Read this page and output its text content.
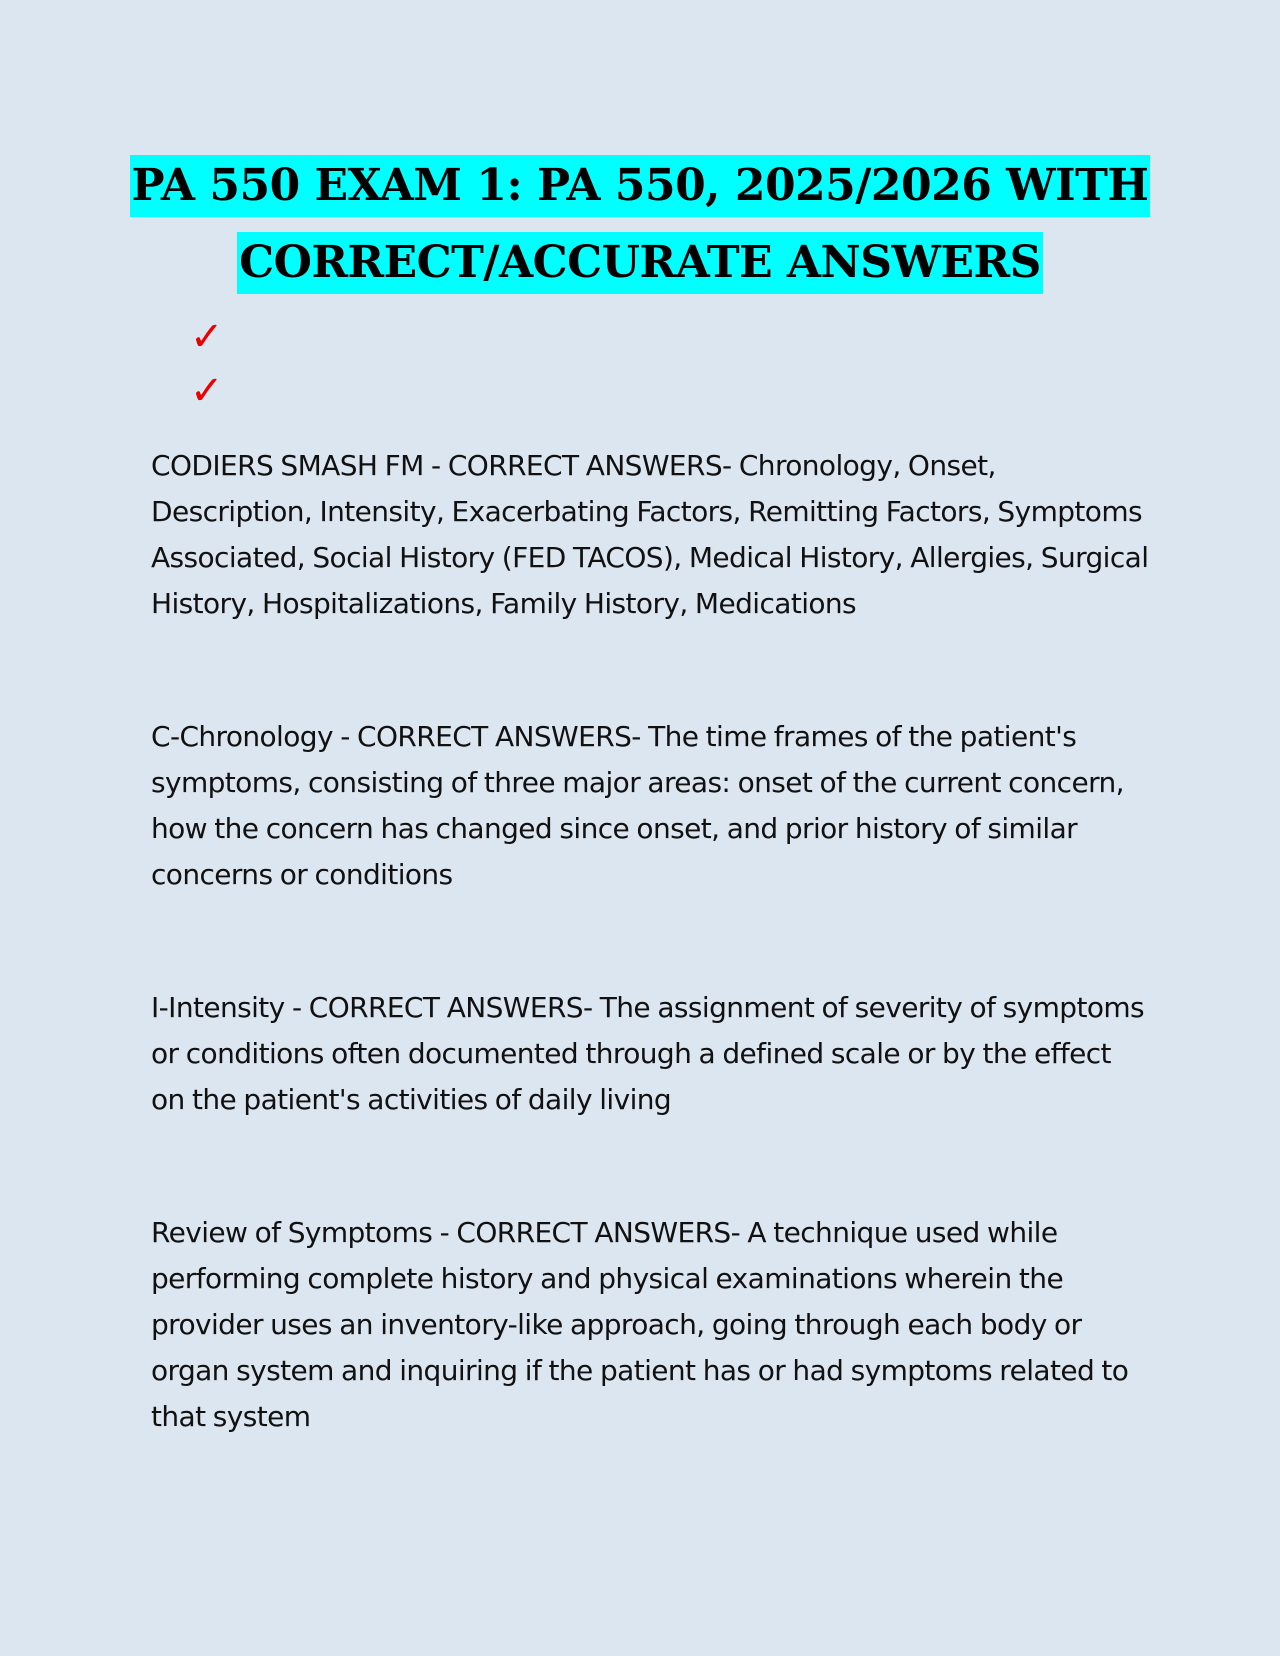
PA 550 EXAM 1: PA 550, 2025/2026 WITH
CORRECT/ACCURATE ANSWERS
✓
✓

CODIERS SMASH FM - CORRECT ANSWERS- Chronology, Onset, Description, Intensity, Exacerbating Factors, Remitting Factors, Symptoms Associated, Social History (FED TACOS), Medical History, Allergies, Surgical History, Hospitalizations, Family History, Medications

C-Chronology - CORRECT ANSWERS- The time frames of the patient's symptoms, consisting of three major areas: onset of the current concern, how the concern has changed since onset, and prior history of similar concerns or conditions

I-Intensity - CORRECT ANSWERS- The assignment of severity of symptoms or conditions often documented through a defined scale or by the effect on the patient's activities of daily living

Review of Symptoms - CORRECT ANSWERS- A technique used while performing complete history and physical examinations wherein the provider uses an inventory-like approach, going through each body or organ system and inquiring if the patient has or had symptoms related to that system
